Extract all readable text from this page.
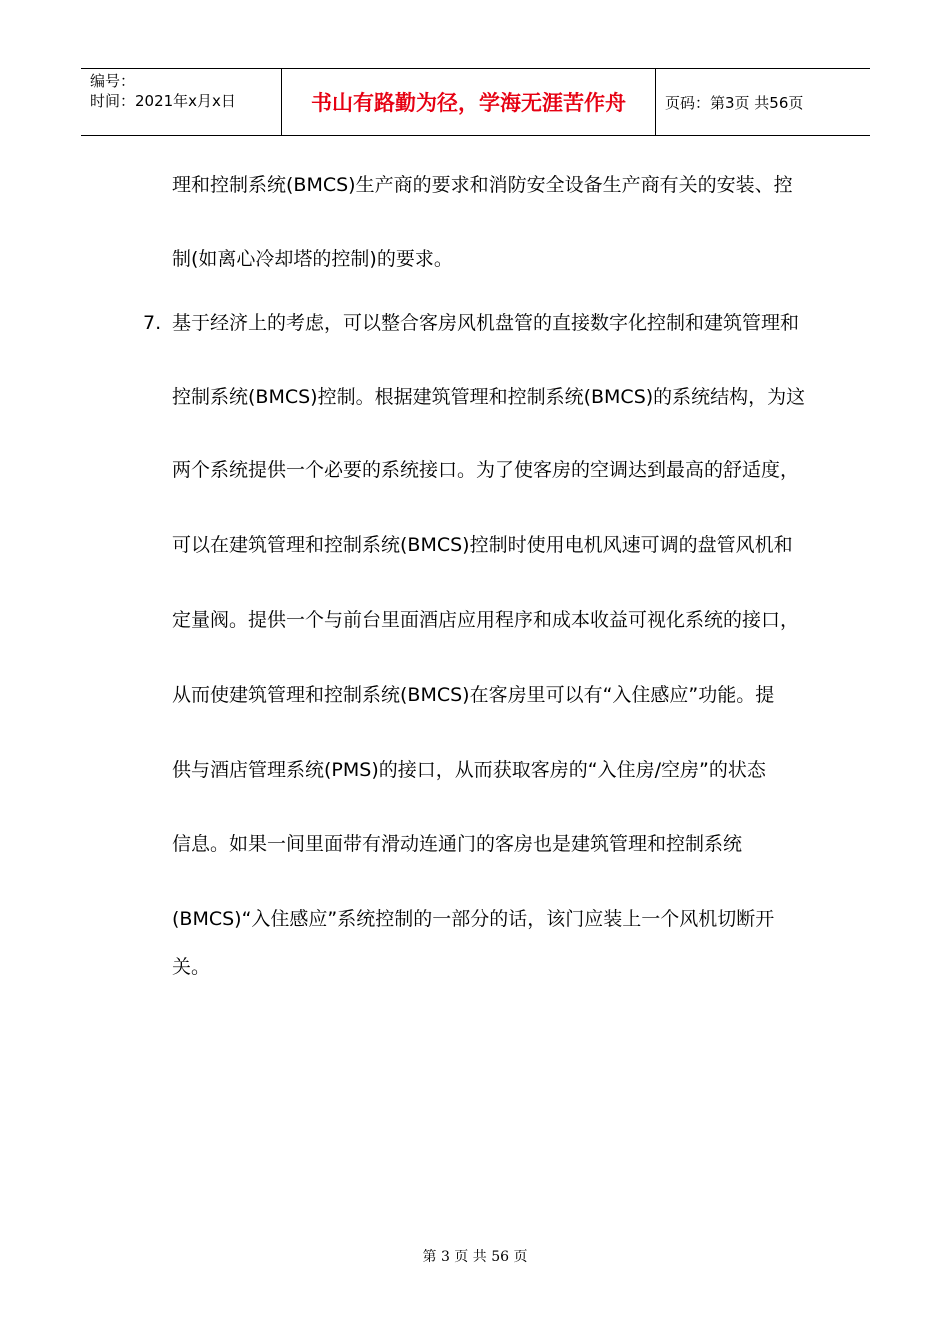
编号：
时间：2021年x月x日	书山有路勤为径，学海无涯苦作舟	页码：第3页 共56页
理和控制系统(BMCS)生产商的要求和消防安全设备生产商有关的安装、控
制(如离心冷却塔的控制)的要求。
7. 基于经济上的考虑，可以整合客房风机盘管的直接数字化控制和建筑管理和
控制系统(BMCS)控制。根据建筑管理和控制系统(BMCS)的系统结构，为这
两个系统提供一个必要的系统接口。为了使客房的空调达到最高的舒适度，
可以在建筑管理和控制系统(BMCS)控制时使用电机风速可调的盘管风机和
定量阀。提供一个与前台里面酒店应用程序和成本收益可视化系统的接口，
从而使建筑管理和控制系统(BMCS)在客房里可以有“入住感应”功能。提
供与酒店管理系统(PMS)的接口，从而获取客房的“入住房/空房”的状态
信息。如果一间里面带有滑动连通门的客房也是建筑管理和控制系统
(BMCS)“入住感应”系统控制的一部分的话，该门应装上一个风机切断开
关。
第 3 页 共 56 页
